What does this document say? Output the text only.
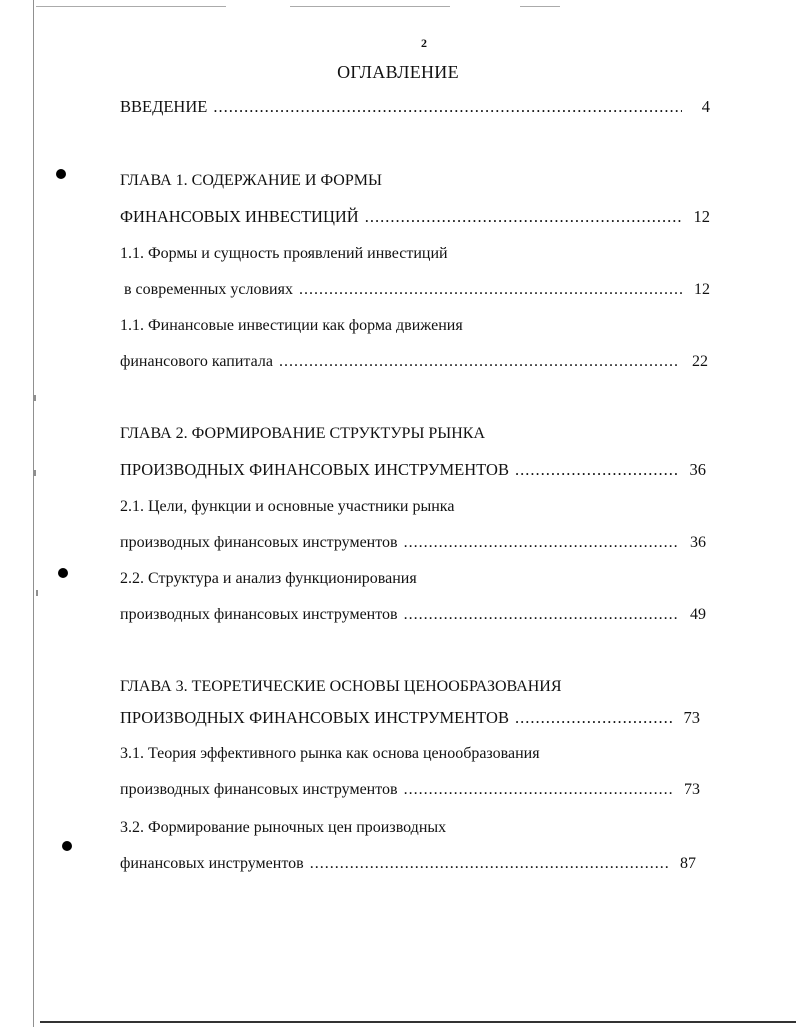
2
ОГЛАВЛЕНИЕ
ВВЕДЕНИЕ .....	4
ГЛАВА 1. СОДЕРЖАНИЕ И ФОРМЫ
ФИНАНСОВЫХ ИНВЕСТИЦИЙ .....	12
1.1. Формы и сущность проявлений инвестиций
в современных условиях .....	12
1.1. Финансовые инвестиции как форма движения
финансового капитала .....	22
ГЛАВА 2. ФОРМИРОВАНИЕ СТРУКТУРЫ РЫНКА
ПРОИЗВОДНЫХ ФИНАНСОВЫХ ИНСТРУМЕНТОВ .....	36
2.1. Цели, функции и основные участники рынка
производных финансовых инструментов .....	36
2.2. Структура и анализ функционирования
производных финансовых инструментов .....	49
ГЛАВА 3. ТЕОРЕТИЧЕСКИЕ ОСНОВЫ ЦЕНООБРАЗОВАНИЯ
ПРОИЗВОДНЫХ ФИНАНСОВЫХ ИНСТРУМЕНТОВ .....	73
3.1. Теория эффективного рынка как основа ценообразования
производных финансовых инструментов .....	73
3.2. Формирование рыночных цен производных
финансовых инструментов .....	87
